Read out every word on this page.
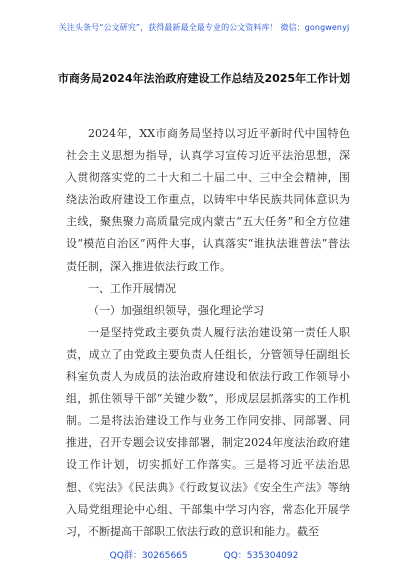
关注头条号“公文研究”，获得最新最全最专业的公文资料库！ 微信：gongwenyj
市商务局2024年法治政府建设工作总结及2025年工作计划

2024年，XX市商务局坚持以习近平新时代中国特色社会主义思想为指导，认真学习宣传习近平法治思想，深入贯彻落实党的二十大和二十届二中、三中全会精神，围绕法治政府建设工作重点，以铸牢中华民族共同体意识为主线，聚焦聚力高质量完成内蒙古“五大任务”和全方位建设“模范自治区”两件大事，认真落实“谁执法谁普法”普法责任制，深入推进依法行政工作。

一、工作开展情况

（一）加强组织领导，强化理论学习

一是坚持党政主要负责人履行法治建设第一责任人职责，成立了由党政主要负责人任组长，分管领导任副组长科室负责人为成员的法治政府建设和依法行政工作领导小组，抓住领导干部“关键少数”，形成层层抓落实的工作机制。二是将法治建设工作与业务工作同安排、同部署、同推进，召开专题会议安排部署，制定2024年度法治政府建设工作计划，切实抓好工作落实。三是将习近平法治思想、《宪法》《民法典》《行政复议法》《安全生产法》等纳入局党组理论中心组、干部集中学习内容，常态化开展学习，不断提高干部职工依法行政的意识和能力。截至

QQ群：30265665	QQ：535304092
